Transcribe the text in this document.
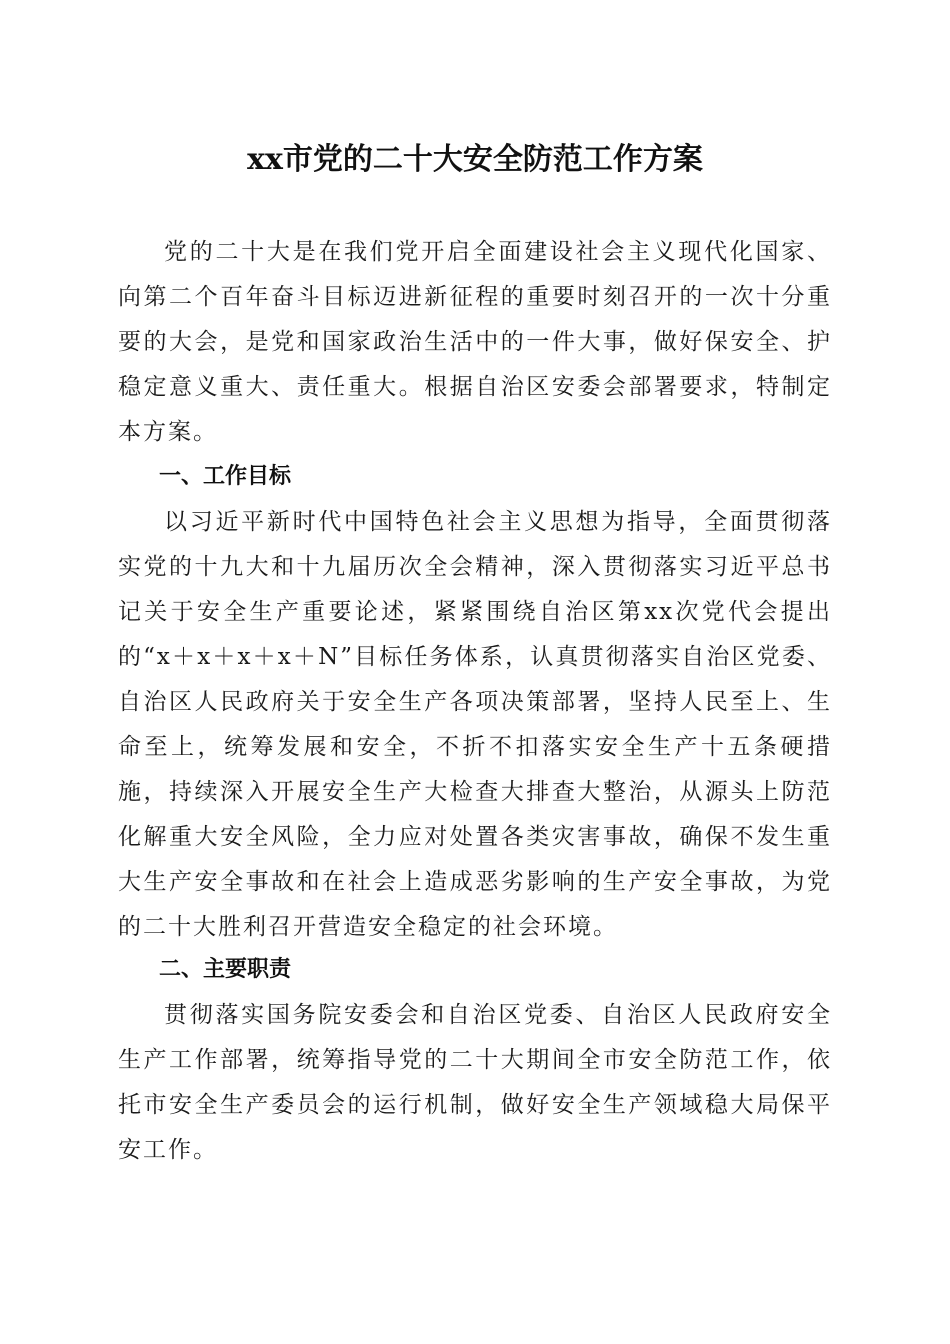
xx市党的二十大安全防范工作方案

党的二十大是在我们党开启全面建设社会主义现代化国家、向第二个百年奋斗目标迈进新征程的重要时刻召开的一次十分重要的大会，是党和国家政治生活中的一件大事，做好保安全、护稳定意义重大、责任重大。根据自治区安委会部署要求，特制定本方案。

一、工作目标

以习近平新时代中国特色社会主义思想为指导，全面贯彻落实党的十九大和十九届历次全会精神，深入贯彻落实习近平总书记关于安全生产重要论述，紧紧围绕自治区第xx次党代会提出的“x＋x＋x＋x＋N”目标任务体系，认真贯彻落实自治区党委、自治区人民政府关于安全生产各项决策部署，坚持人民至上、生命至上，统筹发展和安全，不折不扣落实安全生产十五条硬措施，持续深入开展安全生产大检查大排查大整治，从源头上防范化解重大安全风险，全力应对处置各类灾害事故，确保不发生重大生产安全事故和在社会上造成恶劣影响的生产安全事故，为党的二十大胜利召开营造安全稳定的社会环境。

二、主要职责

贯彻落实国务院安委会和自治区党委、自治区人民政府安全生产工作部署，统筹指导党的二十大期间全市安全防范工作，依托市安全生产委员会的运行机制，做好安全生产领域稳大局保平安工作。
